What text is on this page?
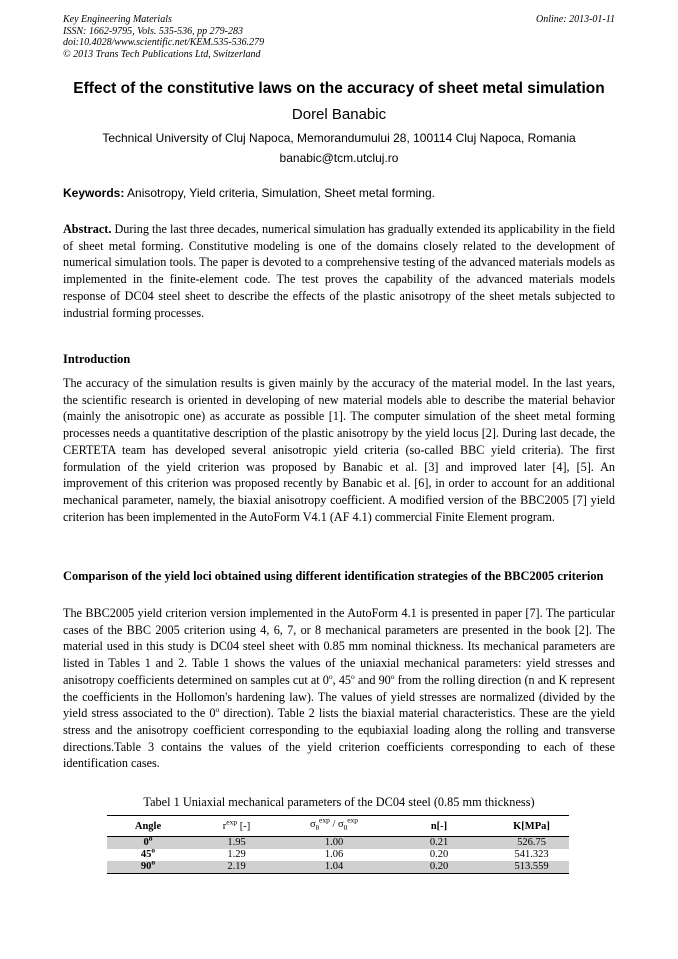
Key Engineering Materials
ISSN: 1662-9795, Vols. 535-536, pp 279-283
doi:10.4028/www.scientific.net/KEM.535-536.279
© 2013 Trans Tech Publications Ltd, Switzerland
Online: 2013-01-11
Effect of the constitutive laws on the accuracy of sheet metal simulation
Dorel Banabic
Technical University of Cluj Napoca, Memorandumului 28, 100114 Cluj Napoca, Romania
banabic@tcm.utcluj.ro
Keywords: Anisotropy, Yield criteria, Simulation, Sheet metal forming.
Abstract. During the last three decades, numerical simulation has gradually extended its applicability in the field of sheet metal forming. Constitutive modeling is one of the domains closely related to the development of numerical simulation tools. The paper is devoted to a comprehensive testing of the advanced materials models as implemented in the finite-element code. The test proves the capability of the advanced materials models response of DC04 steel sheet to describe the effects of the plastic anisotropy of the sheet metals subjected to industrial forming processes.
Introduction
The accuracy of the simulation results is given mainly by the accuracy of the material model. In the last years, the scientific research is oriented in developing of new material models able to describe the material behavior (mainly the anisotropic one) as accurate as possible [1]. The computer simulation of the sheet metal forming processes needs a quantitative description of the plastic anisotropy by the yield locus [2]. During last decade, the CERTETA team has developed several anisotropic yield criteria (so-called BBC yield criteria). The first formulation of the yield criterion was proposed by Banabic et al. [3] and improved later [4], [5]. An improvement of this criterion was proposed recently by Banabic et al. [6], in order to account for an additional mechanical parameter, namely, the biaxial anisotropy coefficient. A modified version of the BBC2005 [7] yield criterion has been implemented in the AutoForm V4.1 (AF 4.1) commercial Finite Element program.
Comparison of the yield loci obtained using different identification strategies of the BBC2005 criterion
The BBC2005 yield criterion version implemented in the AutoForm 4.1 is presented in paper [7]. The particular cases of the BBC 2005 criterion using 4, 6, 7, or 8 mechanical parameters are presented in the book [2]. The material used in this study is DC04 steel sheet with 0.85 mm nominal thickness. Its mechanical parameters are listed in Tables 1 and 2. Table 1 shows the values of the uniaxial mechanical parameters: yield stresses and anisotropy coefficients determined on samples cut at 0$^o$, 45$^o$ and 90$^o$ from the rolling direction (n and K represent the coefficients in the Hollomon's hardening law). The values of yield stresses are normalized (divided by the yield stress associated to the 0$^o$ direction). Table 2 lists the biaxial material characteristics. These are the yield stress and the anisotropy coefficient corresponding to the equbiaxial loading along the rolling and transverse directions.Table 3 contains the values of the yield criterion coefficients corresponding to each of these identification cases.
Tabel 1 Uniaxial mechanical parameters of the DC04 steel (0.85 mm thickness)
Angle	$r^{exp}$ [-]	$\sigma_\theta^{exp} / \sigma_0^{exp}$	n[-]	K[MPa]
0$^o$	1.95	1.00	0.21	526.75
45$^o$	1.29	1.06	0.20	541.323
90$^o$	2.19	1.04	0.20	513.559
